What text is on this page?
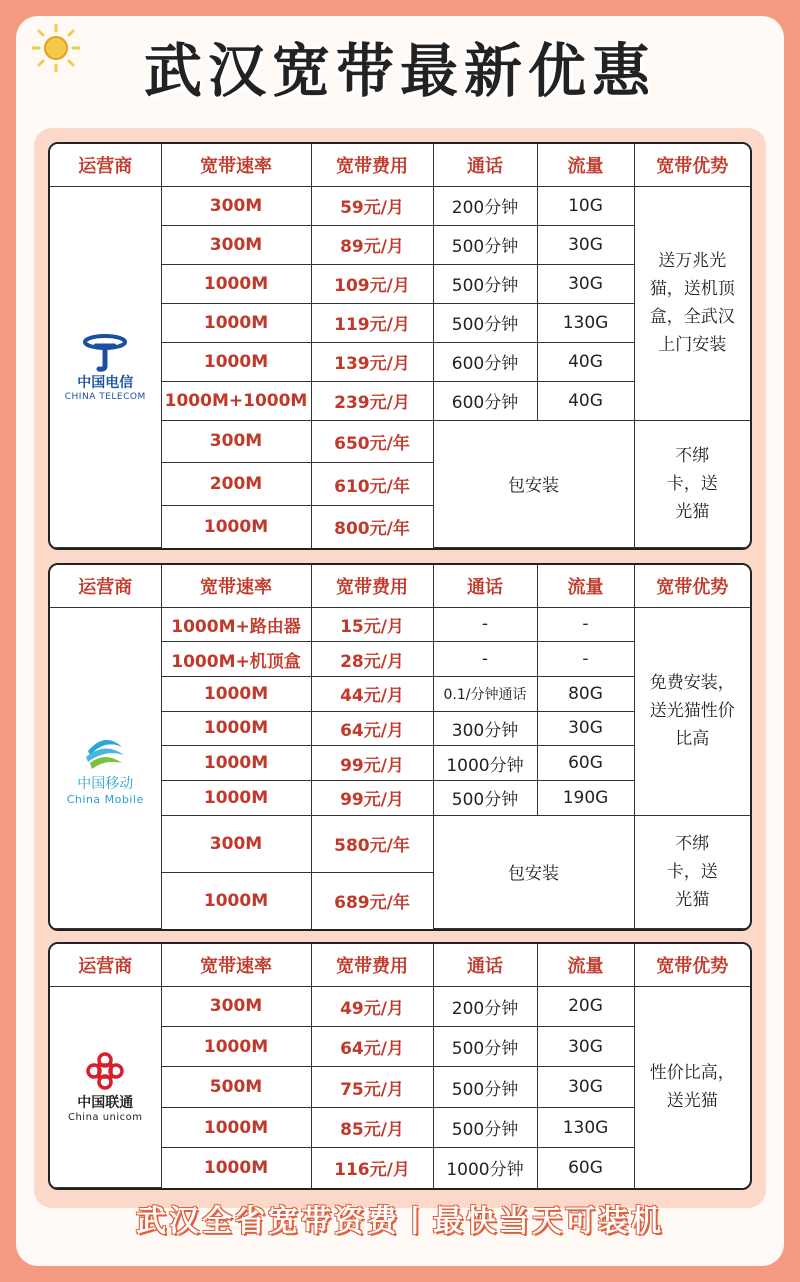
武汉宽带最新优惠
运营商	宽带速率	宽带费用	通话	流量	宽带优势

中国电信
CHINA TELECOM	300M	59元/月	200分钟	10G	送万兆光猫，送机顶盒，全武汉上门安装
	300M	89元/月	500分钟	30G	
	1000M	109元/月	500分钟	30G	
	1000M	119元/月	500分钟	130G	
	1000M	139元/月	600分钟	40G	
	1000M+1000M	239元/月	600分钟	40G	
	300M	650元/年	包安装		不绑卡，送光猫
	200M	610元/年			
	1000M	800元/年			
运营商	宽带速率	宽带费用	通话	流量	宽带优势

中国移动
China Mobile	1000M+路由器	15元/月	-	-	免费安装，送光猫性价比高
	1000M+机顶盒	28元/月	-	-	
	1000M	44元/月	0.1/分钟通话	80G	
	1000M	64元/月	300分钟	30G	
	1000M	99元/月	1000分钟	60G	
	1000M	99元/月	500分钟	190G	
	300M	580元/年	包安装		不绑卡，送光猫
	1000M	689元/年			
运营商	宽带速率	宽带费用	通话	流量	宽带优势

中国联通
China unicom	300M	49元/月	200分钟	20G	性价比高，送光猫
	1000M	64元/月	500分钟	30G	
	500M	75元/月	500分钟	30G	
	1000M	85元/月	500分钟	130G	
	1000M	116元/月	1000分钟	60G	
武汉全省宽带资费丨最快当天可装机
